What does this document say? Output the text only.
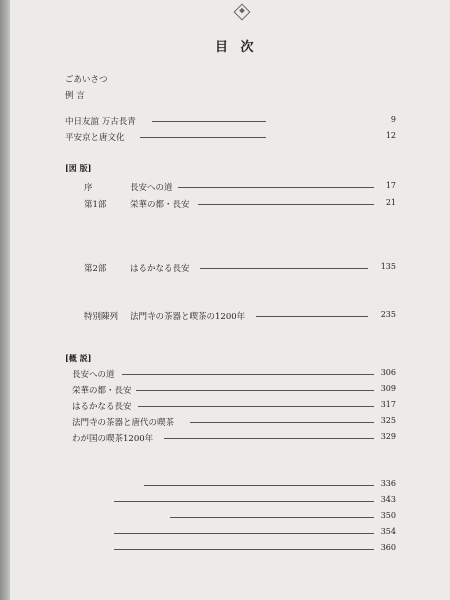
目 次
ごあいさつ
例 言
中日友誼 万古長青	9
平安京と唐文化	12
[図 版]
序	長安への道	17
第1部	栄華の都・長安	21
第2部	はるかなる長安	135
特別陳列 法門寺の茶器と喫茶の1200年	235
[概 説]
長安への道	306
栄華の都・長安	309
はるかなる長安	317
法門寺の茶器と唐代の喫茶	325
わが国の喫茶1200年	329
336
343
350
354
360
